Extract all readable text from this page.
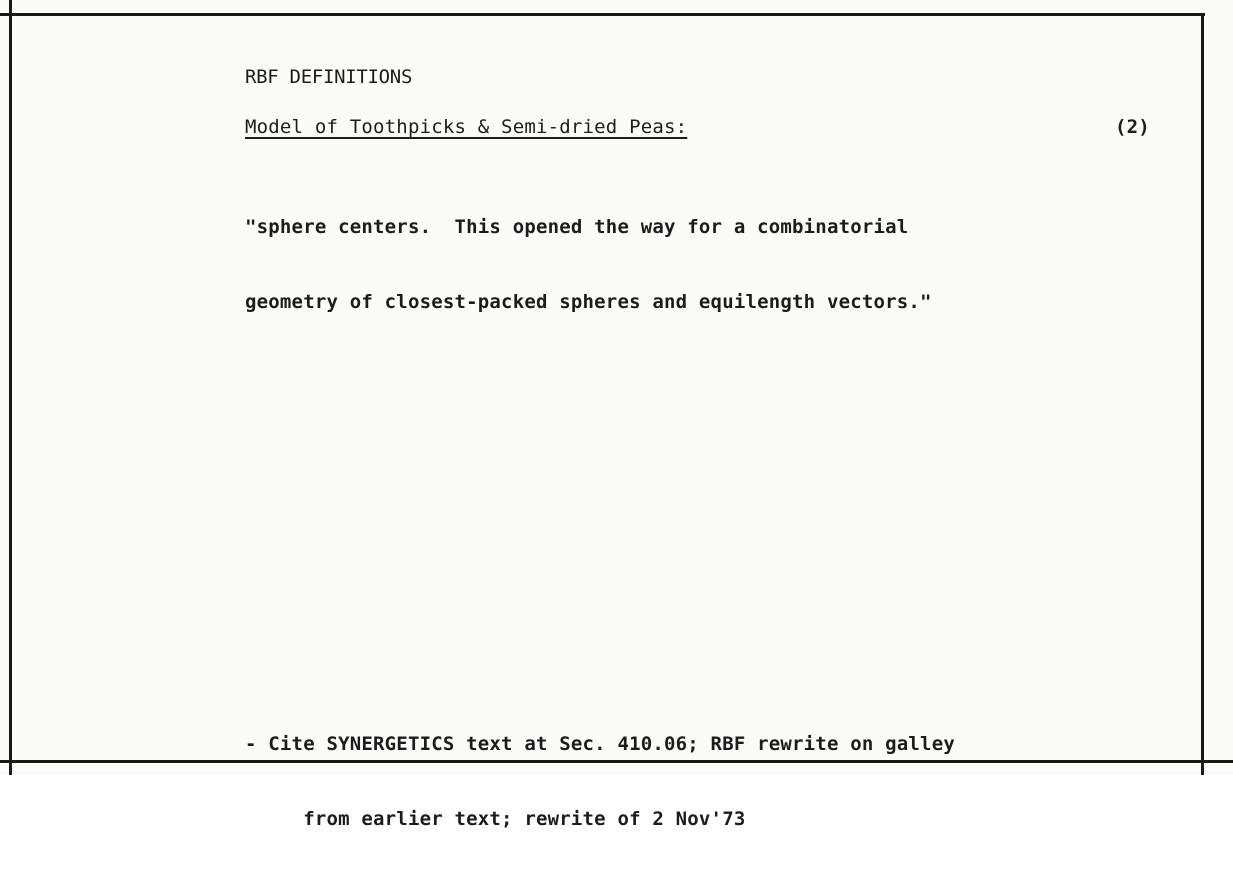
RBF DEFINITIONS
Model of Toothpicks & Semi-dried Peas:	(2)

"sphere centers.  This opened the way for a combinatorial

geometry of closest-packed spheres and equilength vectors."

- Cite SYNERGETICS text at Sec. 410.06; RBF rewrite on galley

from earlier text; rewrite of 2 Nov'73
